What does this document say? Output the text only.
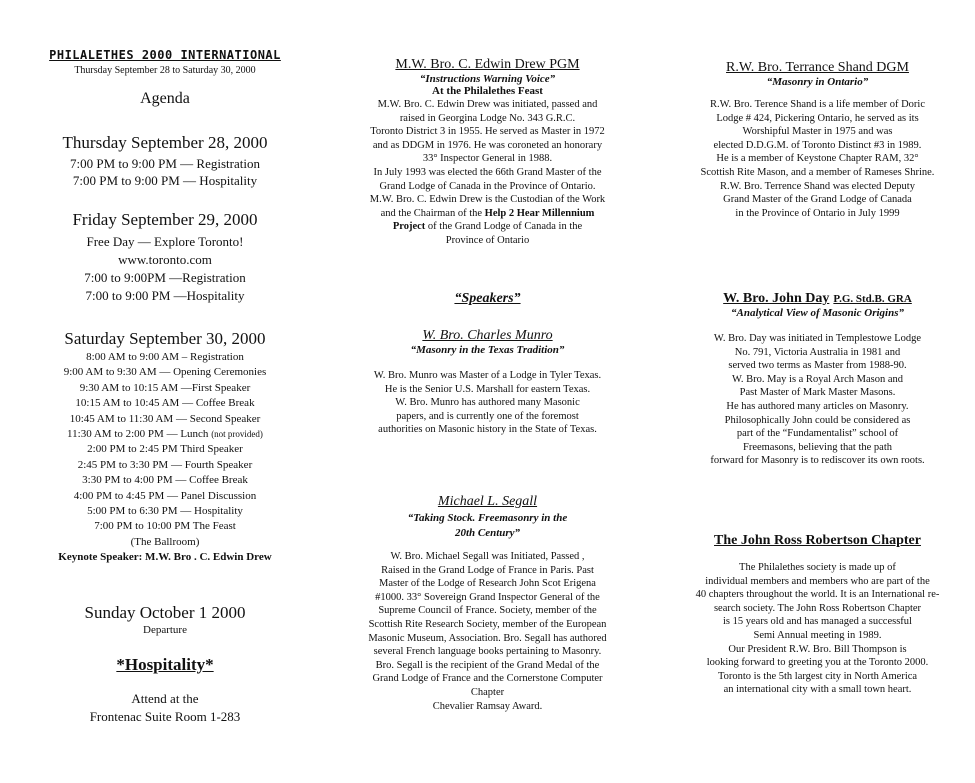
PHILALETHES 2000 INTERNATIONAL
Thursday September 28 to Saturday 30, 2000
Agenda
Thursday September 28, 2000
7:00 PM to 9:00 PM — Registration
7:00 PM to 9:00 PM — Hospitality
Friday September 29, 2000
Free Day — Explore Toronto!
www.toronto.com
7:00 to 9:00PM —Registration
7:00 to 9:00 PM —Hospitality
Saturday September 30, 2000
8:00 AM to 9:00 AM – Registration
9:00 AM to 9:30 AM — Opening Ceremonies
9:30 AM to 10:15 AM —First Speaker
10:15 AM to 10:45 AM — Coffee Break
10:45 AM to 11:30 AM — Second Speaker
11:30 AM to 2:00 PM — Lunch (not provided)
2:00 PM to 2:45 PM Third Speaker
2:45 PM to 3:30 PM — Fourth Speaker
3:30 PM to 4:00 PM — Coffee Break
4:00 PM to 4:45 PM — Panel Discussion
5:00 PM to 6:30 PM — Hospitality
7:00 PM to 10:00 PM The Feast
(The Ballroom)
Keynote Speaker: M.W. Bro . C. Edwin Drew
Sunday October 1 2000
Departure
*Hospitality*
Attend at the
Frontenac Suite Room 1-283
M.W. Bro. C. Edwin Drew PGM
“Instructions Warning Voice”
At the Philalethes Feast
M.W. Bro. C. Edwin Drew was initiated, passed and
raised in Georgina Lodge No. 343 G.R.C.
Toronto District 3 in 1955. He served as Master in 1972
and as DDGM in 1976. He was coroneted an honorary
33° Inspector General in 1988.
In July 1993 was elected the 66th Grand Master of the
Grand Lodge of Canada in the Province of Ontario.
M.W. Bro. C. Edwin Drew is the Custodian of the Work
and the Chairman of the Help 2 Hear Millennium
Project of the Grand Lodge of Canada in the
Province of Ontario
“Speakers”
W. Bro. Charles Munro
“Masonry in the Texas Tradition”
W. Bro. Munro was Master of a Lodge in Tyler Texas.
He is the Senior U.S. Marshall for eastern Texas.
W. Bro. Munro has authored many Masonic
papers, and is currently one of the foremost
authorities on Masonic history in the State of Texas.
Michael L. Segall
“Taking Stock. Freemasonry in the
20th Century”
W. Bro. Michael Segall was Initiated, Passed ,
Raised in the Grand Lodge of France in Paris. Past
Master of the Lodge of Research John Scot Erigena
#1000. 33° Sovereign Grand Inspector General of the
Supreme Council of France. Society, member of the
Scottish Rite Research Society, member of the European
Masonic Museum, Association. Bro. Segall has authored
several French language books pertaining to Masonry.
Bro. Segall is the recipient of the Grand Medal of the
Grand Lodge of France and the Cornerstone Computer
Chapter
Chevalier Ramsay Award.
R.W. Bro. Terrance Shand DGM
“Masonry in Ontario”
R.W. Bro. Terence Shand is a life member of Doric
Lodge # 424, Pickering Ontario, he served as its
Worshipful Master in 1975 and was
elected D.D.G.M. of Toronto Distinct #3 in 1989.
He is a member of Keystone Chapter RAM, 32°
Scottish Rite Mason, and a member of Rameses Shrine.
R.W. Bro. Terrence Shand was elected Deputy
Grand Master of the Grand Lodge of Canada
in the Province of Ontario in July 1999
W. Bro. John Day P.G. Std.B. GRA
“Analytical View of Masonic Origins”
W. Bro. Day was initiated in Templestowe Lodge
No. 791, Victoria Australia in 1981 and
served two terms as Master from 1988-90.
W. Bro. May is a Royal Arch Mason and
Past Master of Mark Master Masons.
He has authored many articles on Masonry.
Philosophically John could be considered as
part of the “Fundamentalist” school of
Freemasons, believing that the path
forward for Masonry is to rediscover its own roots.
The John Ross Robertson Chapter
The Philalethes society is made up of
individual members and members who are part of the
40 chapters throughout the world. It is an International re-
search society. The John Ross Robertson Chapter
is 15 years old and has managed a successful
Semi Annual meeting in 1989.
Our President R.W. Bro. Bill Thompson is
looking forward to greeting you at the Toronto 2000.
Toronto is the 5th largest city in North America
an international city with a small town heart.
